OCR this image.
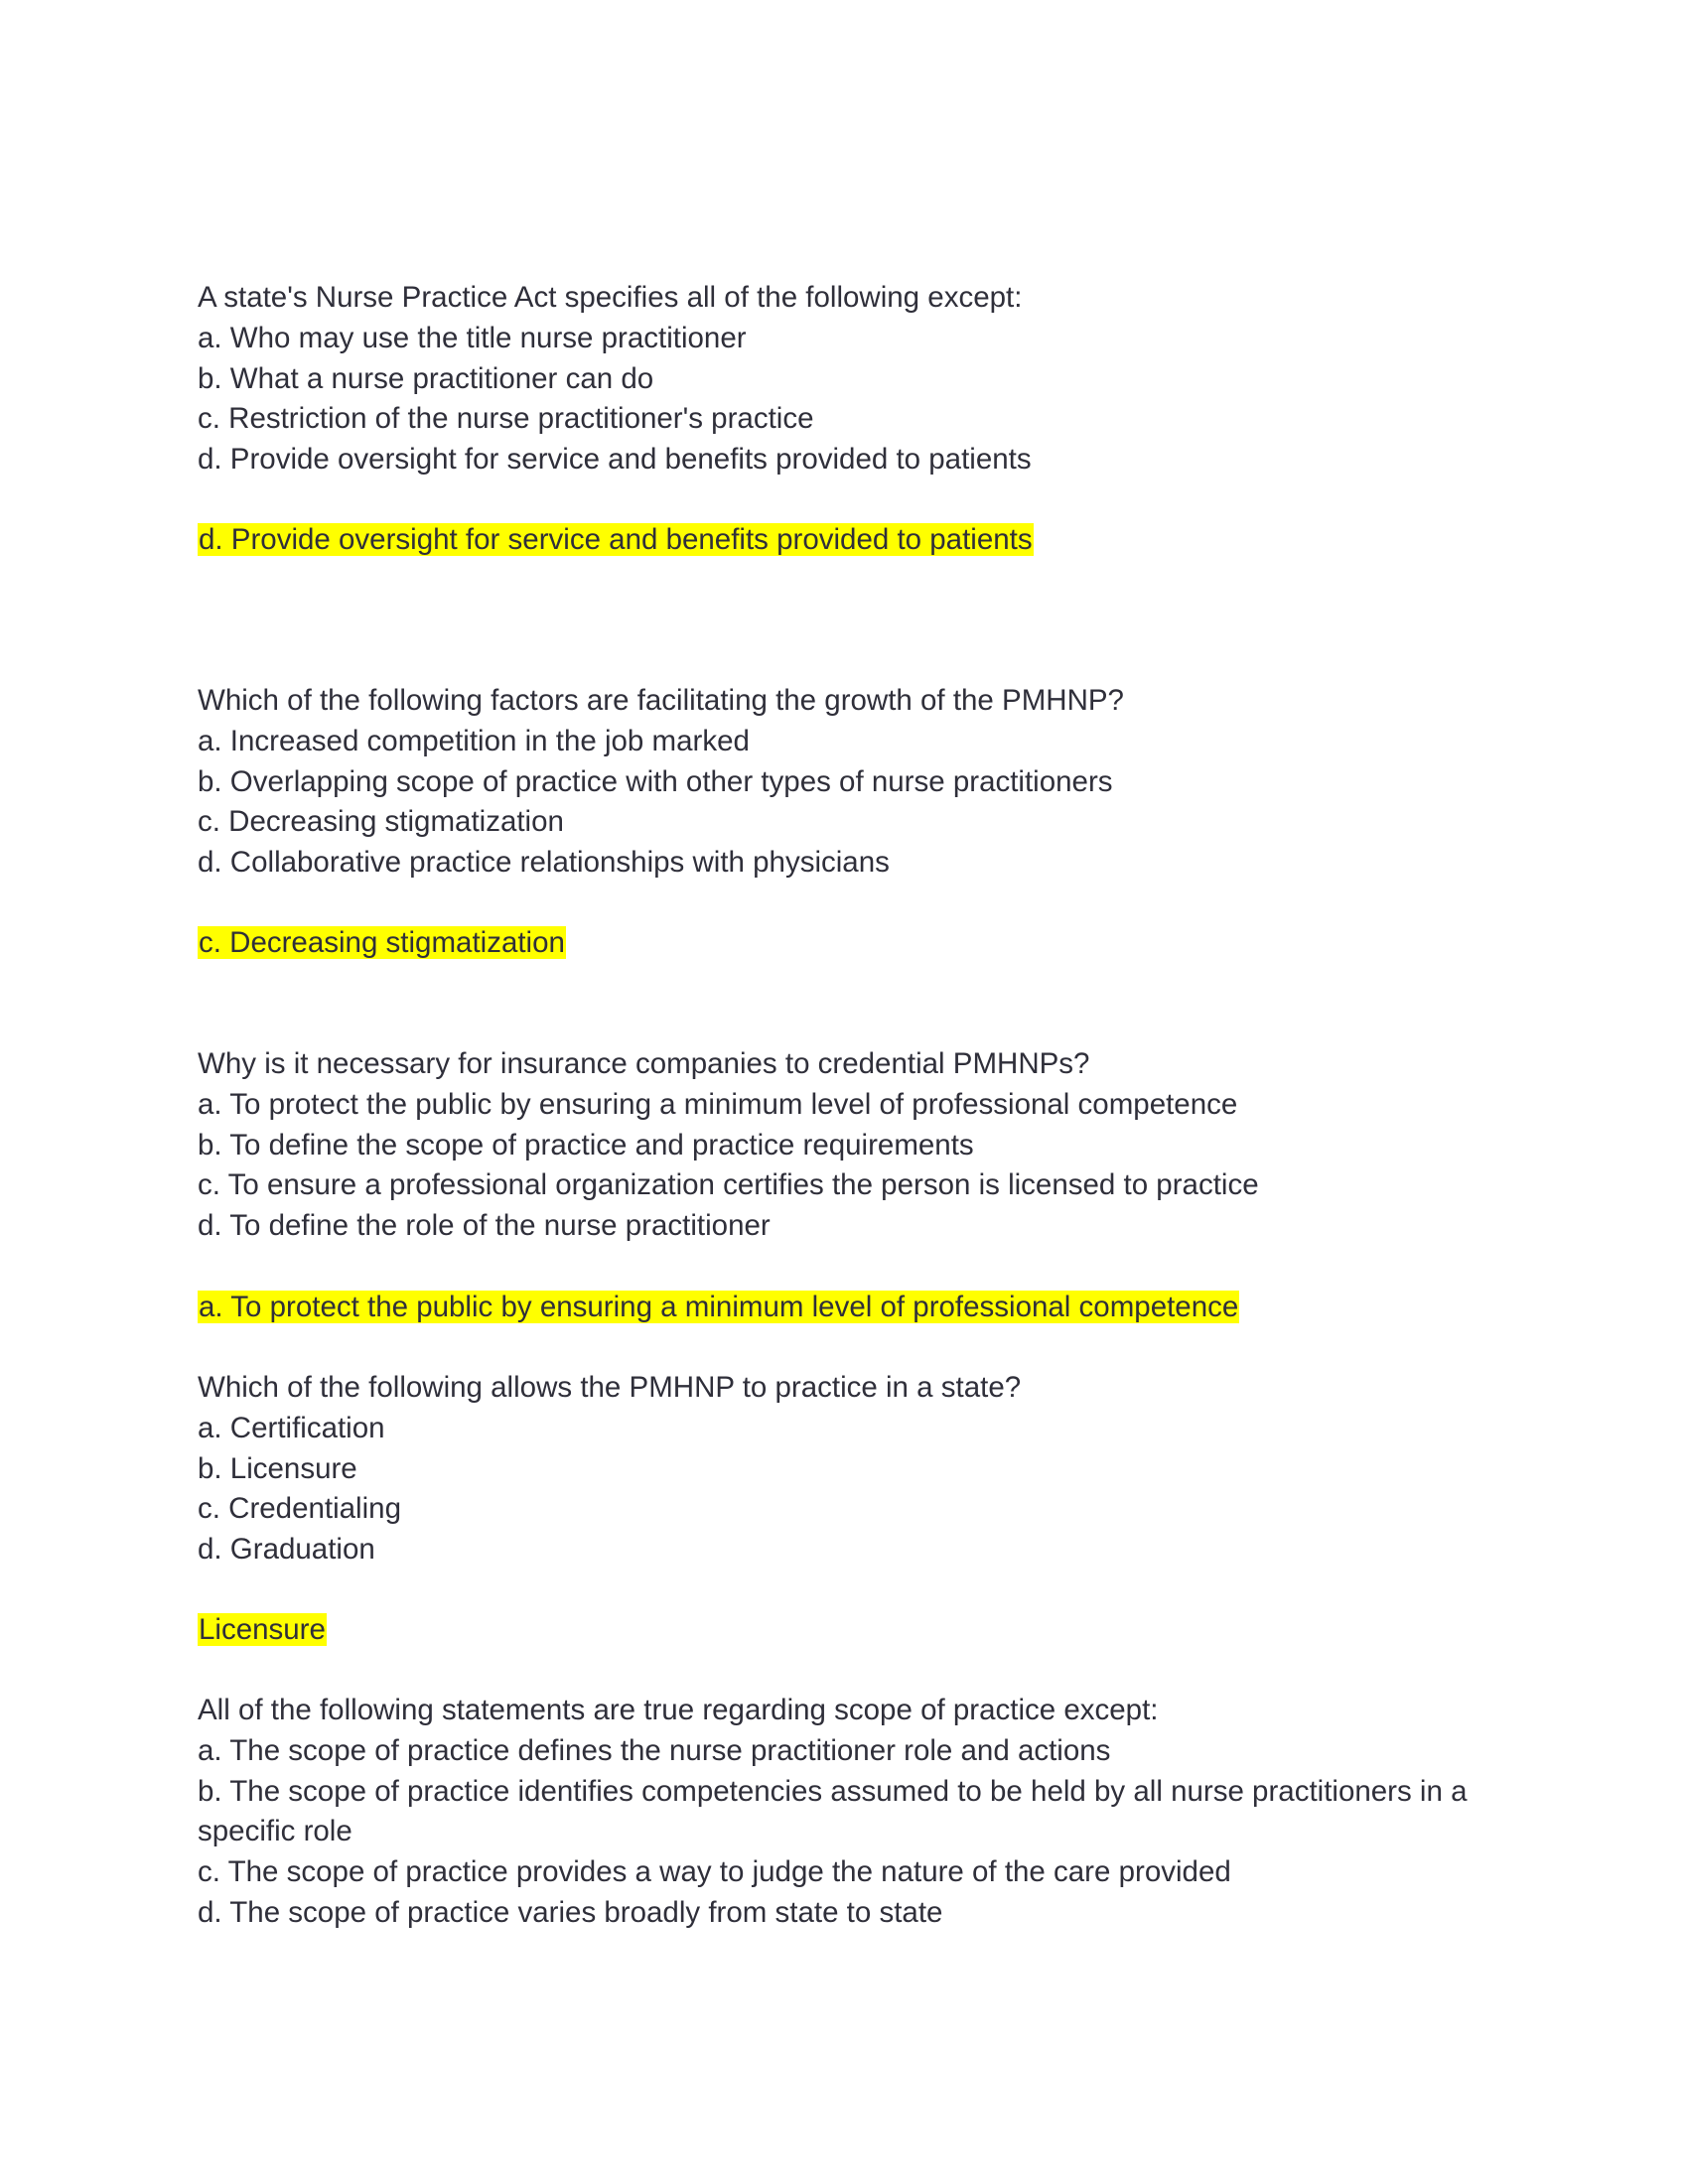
A state's Nurse Practice Act specifies all of the following except:

a. Who may use the title nurse practitioner

b. What a nurse practitioner can do

c. Restriction of the nurse practitioner's practice

d. Provide oversight for service and benefits provided to patients

d. Provide oversight for service and benefits provided to patients

Which of the following factors are facilitating the growth of the PMHNP?

a. Increased competition in the job marked

b. Overlapping scope of practice with other types of nurse practitioners

c. Decreasing stigmatization

d. Collaborative practice relationships with physicians

c. Decreasing stigmatization

Why is it necessary for insurance companies to credential PMHNPs?

a. To protect the public by ensuring a minimum level of professional competence

b. To define the scope of practice and practice requirements

c. To ensure a professional organization certifies the person is licensed to practice

d. To define the role of the nurse practitioner

a. To protect the public by ensuring a minimum level of professional competence

Which of the following allows the PMHNP to practice in a state?

a. Certification

b. Licensure

c. Credentialing

d. Graduation

Licensure

All of the following statements are true regarding scope of practice except:

a. The scope of practice defines the nurse practitioner role and actions

b. The scope of practice identifies competencies assumed to be held by all nurse practitioners in a specific role

c. The scope of practice provides a way to judge the nature of the care provided

d. The scope of practice varies broadly from state to state
